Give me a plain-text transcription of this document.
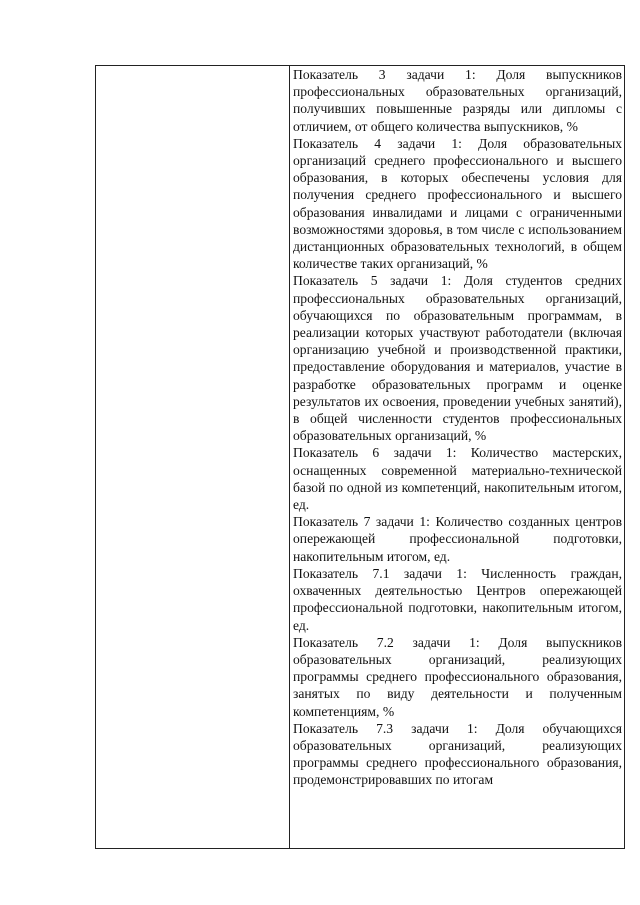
Показатель 3 задачи 1: Доля выпускников профессиональных образовательных организаций, получивших повышенные разряды или дипломы с отличием, от общего количества выпускников, %

Показатель 4 задачи 1: Доля образовательных организаций среднего профессионального и высшего образования, в которых обеспечены условия для получения среднего профессионального и высшего образования инвалидами и лицами с ограниченными возможностями здоровья, в том числе с использованием дистанционных образовательных технологий, в общем количестве таких организаций, %

Показатель 5 задачи 1: Доля студентов средних профессиональных образовательных организаций, обучающихся по образовательным программам, в реализации которых участвуют работодатели (включая организацию учебной и производственной практики, предоставление оборудования и материалов, участие в разработке образовательных программ и оценке результатов их освоения, проведении учебных занятий), в общей численности студентов профессиональных образовательных организаций, %

Показатель 6 задачи 1: Количество мастерских, оснащенных современной материально-технической базой по одной из компетенций, накопительным итогом, ед.

Показатель 7 задачи 1: Количество созданных центров опережающей профессиональной подготовки, накопительным итогом, ед.

Показатель 7.1 задачи 1: Численность граждан, охваченных деятельностью Центров опережающей профессиональной подготовки, накопительным итогом, ед.

Показатель 7.2 задачи 1: Доля выпускников образовательных организаций, реализующих программы среднего профессионального образования, занятых по виду деятельности и полученным компетенциям, %

Показатель 7.3 задачи 1: Доля обучающихся образовательных организаций, реализующих программы среднего профессионального образования, продемонстрировавших по итогам
